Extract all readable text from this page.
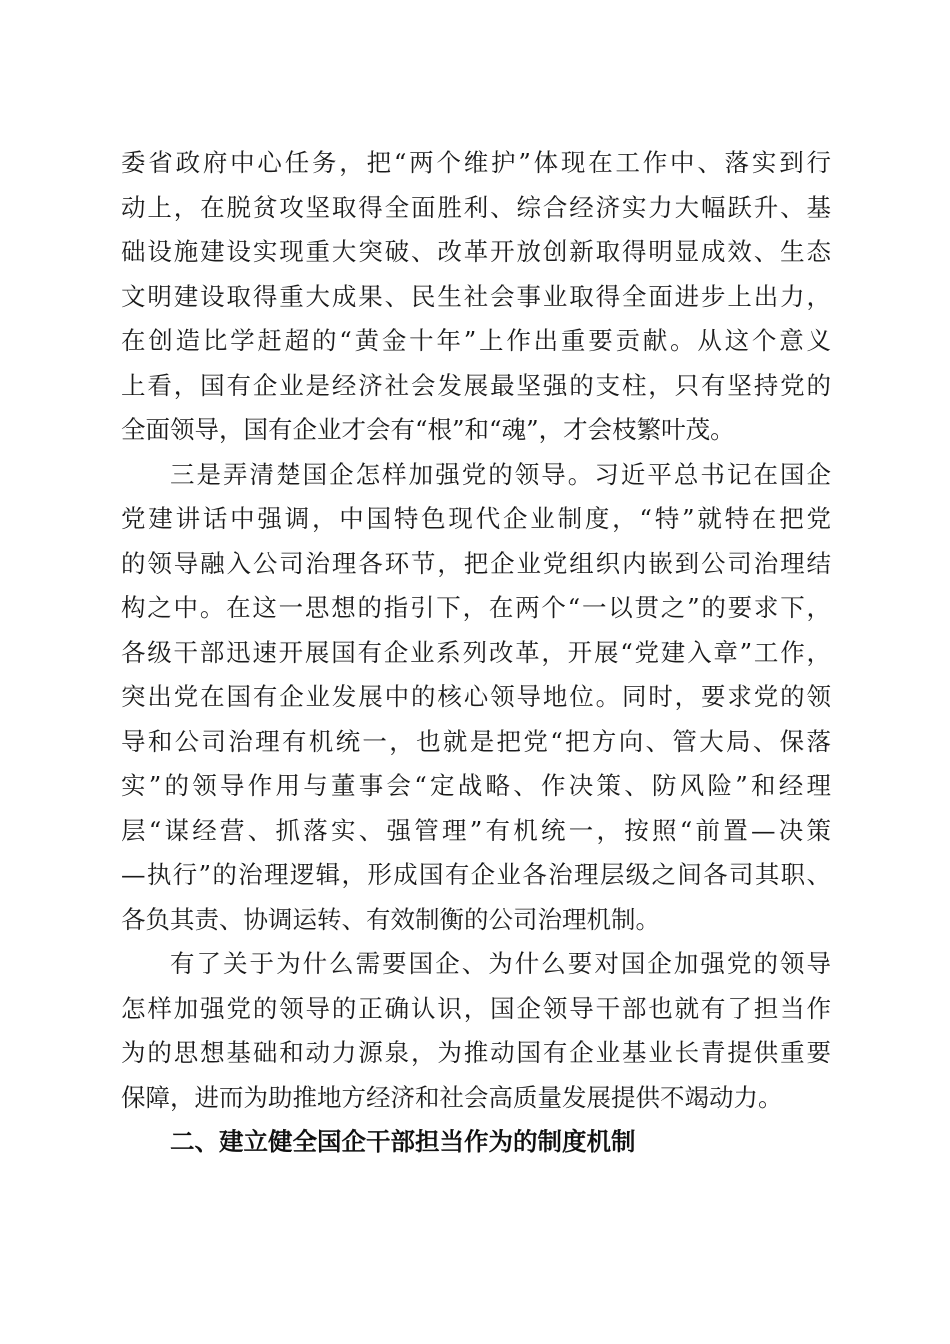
委省政府中心任务，把“两个维护”体现在工作中、落实到行
动上，在脱贫攻坚取得全面胜利、综合经济实力大幅跃升、基
础设施建设实现重大突破、改革开放创新取得明显成效、生态
文明建设取得重大成果、民生社会事业取得全面进步上出力，
在创造比学赶超的“黄金十年”上作出重要贡献。从这个意义
上看，国有企业是经济社会发展最坚强的支柱，只有坚持党的
全面领导，国有企业才会有“根”和“魂”，才会枝繁叶茂。
三是弄清楚国企怎样加强党的领导。习近平总书记在国企
党建讲话中强调，中国特色现代企业制度，“特”就特在把党
的领导融入公司治理各环节，把企业党组织内嵌到公司治理结
构之中。在这一思想的指引下，在两个“一以贯之”的要求下，
各级干部迅速开展国有企业系列改革，开展“党建入章”工作，
突出党在国有企业发展中的核心领导地位。同时，要求党的领
导和公司治理有机统一，也就是把党“把方向、管大局、保落
实”的领导作用与董事会“定战略、作决策、防风险”和经理
层“谋经营、抓落实、强管理”有机统一，按照“前置—决策
—执行”的治理逻辑，形成国有企业各治理层级之间各司其职、
各负其责、协调运转、有效制衡的公司治理机制。
有了关于为什么需要国企、为什么要对国企加强党的领导
怎样加强党的领导的正确认识，国企领导干部也就有了担当作
为的思想基础和动力源泉，为推动国有企业基业长青提供重要
保障，进而为助推地方经济和社会高质量发展提供不竭动力。
二、建立健全国企干部担当作为的制度机制
